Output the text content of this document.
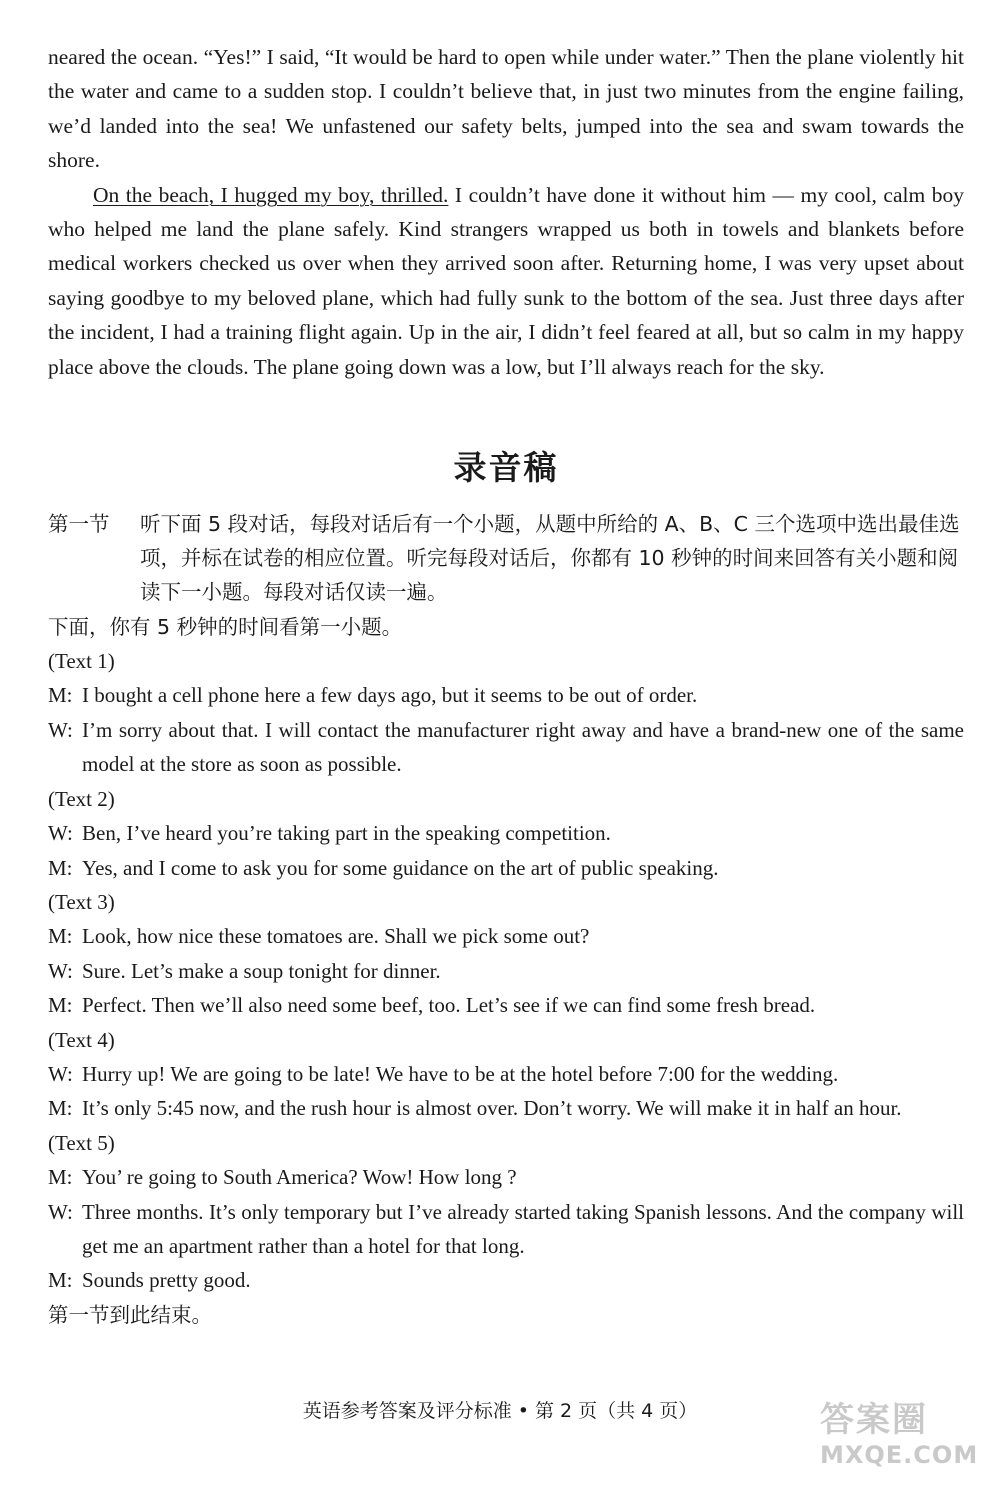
neared the ocean. “Yes!” I said, “It would be hard to open while under water.” Then the plane violently hit the water and came to a sudden stop. I couldn’t believe that, in just two minutes from the engine failing, we’d landed into the sea! We unfastened our safety belts, jumped into the sea and swam towards the shore.

On the beach, I hugged my boy, thrilled. I couldn’t have done it without him — my cool, calm boy who helped me land the plane safely. Kind strangers wrapped us both in towels and blankets before medical workers checked us over when they arrived soon after. Returning home, I was very upset about saying goodbye to my beloved plane, which had fully sunk to the bottom of the sea. Just three days after the incident, I had a training flight again. Up in the air, I didn’t feel feared at all, but so calm in my happy place above the clouds. The plane going down was a low, but I’ll always reach for the sky.

录音稿
第一节	听下面 5 段对话，每段对话后有一个小题，从题中所给的 A、B、C 三个选项中选出最佳选项，并标在试卷的相应位置。听完每段对话后，你都有 10 秒钟的时间来回答有关小题和阅读下一小题。每段对话仅读一遍。

下面，你有 5 秒钟的时间看第一小题。

(Text 1)

M: I bought a cell phone here a few days ago, but it seems to be out of order.
W: I’m sorry about that. I will contact the manufacturer right away and have a brand-new one of the same model at the store as soon as possible.

(Text 2)

W: Ben, I’ve heard you’re taking part in the speaking competition.
M: Yes, and I come to ask you for some guidance on the art of public speaking.

(Text 3)

M: Look, how nice these tomatoes are. Shall we pick some out?
W: Sure. Let’s make a soup tonight for dinner.
M: Perfect. Then we’ll also need some beef, too. Let’s see if we can find some fresh bread.

(Text 4)

W: Hurry up! We are going to be late! We have to be at the hotel before 7:00 for the wedding.
M: It’s only 5:45 now, and the rush hour is almost over. Don’t worry. We will make it in half an hour.

(Text 5)

M: You’ re going to South America? Wow! How long ?
W: Three months. It’s only temporary but I’ve already started taking Spanish lessons. And the company will get me an apartment rather than a hotel for that long.
M: Sounds pretty good.

第一节到此结束。

英语参考答案及评分标准 • 第 2 页（共 4 页）	答案圈
MXQE.COM
